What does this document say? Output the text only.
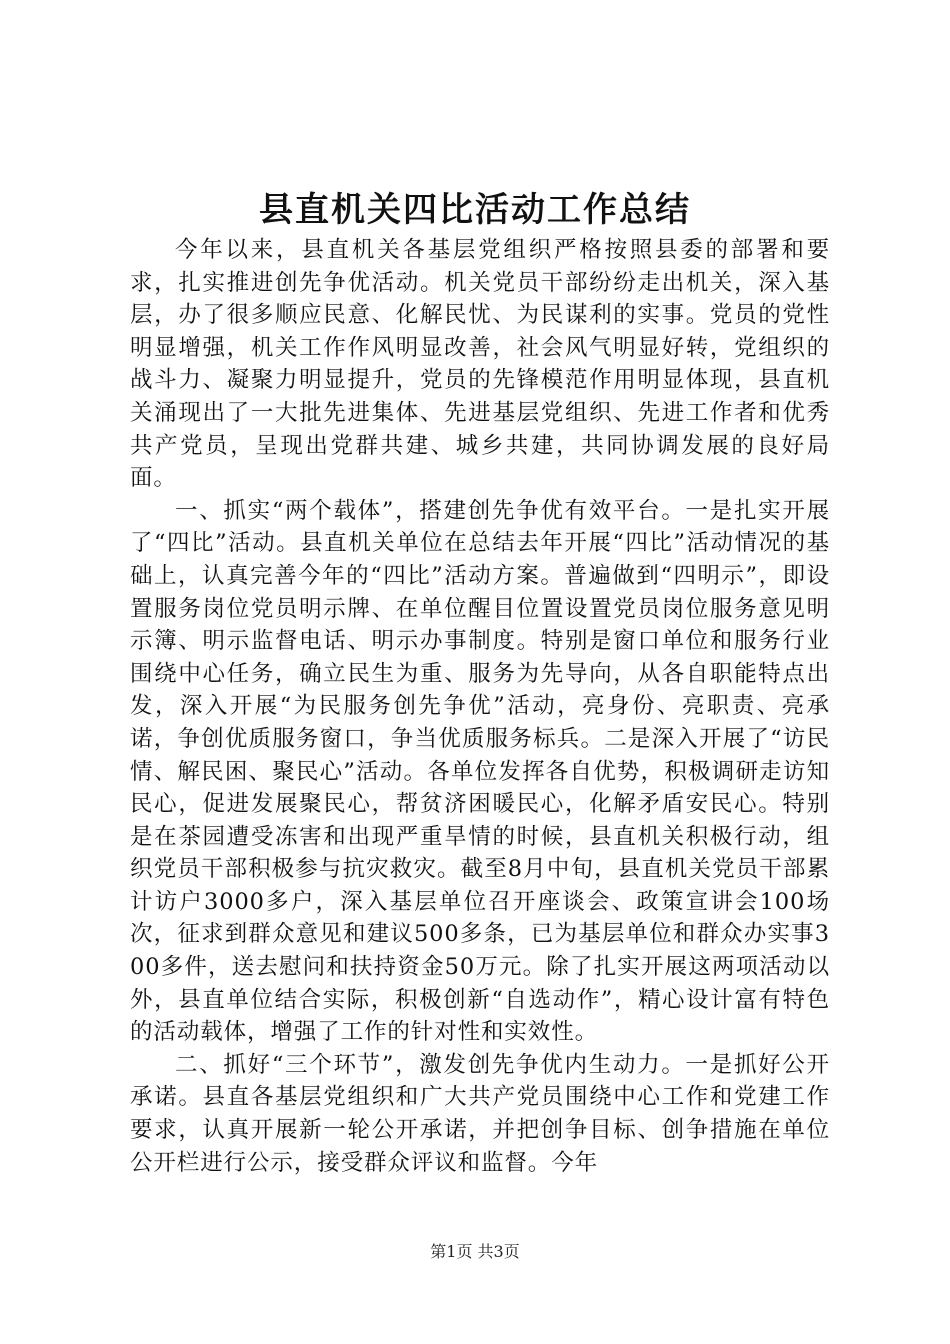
县直机关四比活动工作总结

今年以来，县直机关各基层党组织严格按照县委的部署和要求，扎实推进创先争优活动。机关党员干部纷纷走出机关，深入基层，办了很多顺应民意、化解民忧、为民谋利的实事。党员的党性明显增强，机关工作作风明显改善，社会风气明显好转，党组织的战斗力、凝聚力明显提升，党员的先锋模范作用明显体现，县直机关涌现出了一大批先进集体、先进基层党组织、先进工作者和优秀共产党员，呈现出党群共建、城乡共建，共同协调发展的良好局面。

一、抓实“两个载体”，搭建创先争优有效平台。一是扎实开展了“四比”活动。县直机关单位在总结去年开展“四比”活动情况的基础上，认真完善今年的“四比”活动方案。普遍做到“四明示”，即设置服务岗位党员明示牌、在单位醒目位置设置党员岗位服务意见明示簿、明示监督电话、明示办事制度。特别是窗口单位和服务行业围绕中心任务，确立民生为重、服务为先导向，从各自职能特点出发，深入开展“为民服务创先争优”活动，亮身份、亮职责、亮承诺，争创优质服务窗口，争当优质服务标兵。二是深入开展了“访民情、解民困、聚民心”活动。各单位发挥各自优势，积极调研走访知民心，促进发展聚民心，帮贫济困暖民心，化解矛盾安民心。特别是在茶园遭受冻害和出现严重旱情的时候，县直机关积极行动，组织党员干部积极参与抗灾救灾。截至8月中旬，县直机关党员干部累计访户3000多户，深入基层单位召开座谈会、政策宣讲会100场次，征求到群众意见和建议500多条，已为基层单位和群众办实事300多件，送去慰问和扶持资金50万元。除了扎实开展这两项活动以外，县直单位结合实际，积极创新“自选动作”，精心设计富有特色的活动载体，增强了工作的针对性和实效性。

二、抓好“三个环节”，激发创先争优内生动力。一是抓好公开承诺。县直各基层党组织和广大共产党员围绕中心工作和党建工作要求，认真开展新一轮公开承诺，并把创争目标、创争措施在单位公开栏进行公示，接受群众评议和监督。今年

第1页 共3页
